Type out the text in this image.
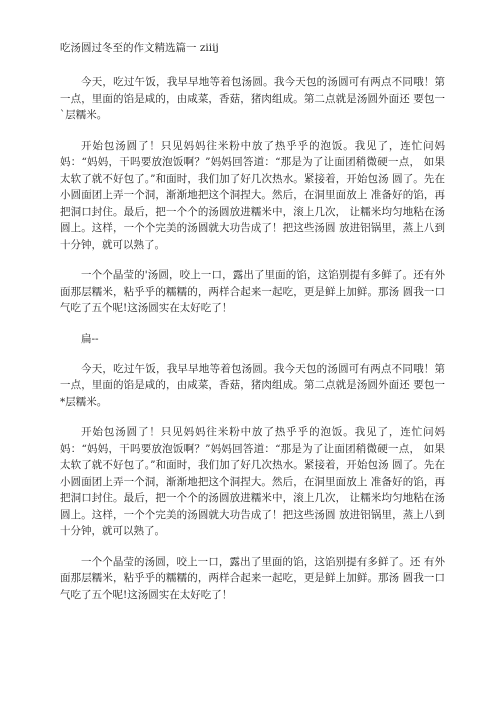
吃汤圆过冬至的作文精选篇一 ziiij

今天，吃过午饭，我早早地等着包汤圆。我今天包的汤圆可有两点不同哦！第一点，里面的馅是咸的，由咸菜，香菇，猪肉组成。第二点就是汤圆外面还 要包一`层糯米。

开始包汤圆了！只见妈妈往米粉中放了热乎乎的泡饭。我见了，连忙问妈 妈：“妈妈，干吗要放泡饭啊？”妈妈回答道：“那是为了让面团稍微硬一点， 如果太软了就不好包了。”和面时，我们加了好几次热水。紧接着，开始包汤 圆了。先在小圆面团上弄一个洞，渐渐地把这个洞捏大。然后，在洞里面放上 准备好的馅，再把洞口封住。最后，把一个个的汤圆放进糯米中，滚上几次， 让糯米均匀地粘在汤圆上。这样，一个个完美的汤圆就大功告成了！把这些汤圆 放进铝锅里，蒸上八到十分钟，就可以熟了。

一个个晶莹的'汤圆，咬上一口，露出了里面的馅，这馅别提有多鲜了。还有外面那层糯米，粘乎乎的糯糯的，两样合起来一起吃，更是鲜上加鲜。那汤 圆我一口气吃了五个呢!这汤圆实在太好吃了！

扁--

今天，吃过午饭，我早早地等着包汤圆。我今天包的汤圆可有两点不同哦！第一点，里面的馅是咸的，由咸菜，香菇，猪肉组成。第二点就是汤圆外面还 要包一*层糯米。

开始包汤圆了！只见妈妈往米粉中放了热乎乎的泡饭。我见了，连忙问妈 妈：“妈妈，干吗要放泡饭啊？”妈妈回答道：“那是为了让面团稍微硬一点， 如果太软了就不好包了。”和面时，我们加了好几次热水。紧接着，开始包汤 圆了。先在小圆面团上弄一个洞，渐渐地把这个洞捏大。然后，在洞里面放上 准备好的馅，再把洞口封住。最后，把一个个的汤圆放进糯米中，滚上几次， 让糯米均匀地粘在汤圆上。这样，一个个完美的汤圆就大功告成了！把这些汤圆 放进铝锅里，蒸上八到十分钟，就可以熟了。

一个个晶莹的汤圆，咬上一口，露出了里面的馅，这馅别提有多鲜了。还 有外面那层糯米，粘乎乎的糯糯的，两样合起来一起吃，更是鲜上加鲜。那汤 圆我一口气吃了五个呢!这汤圆实在太好吃了！
